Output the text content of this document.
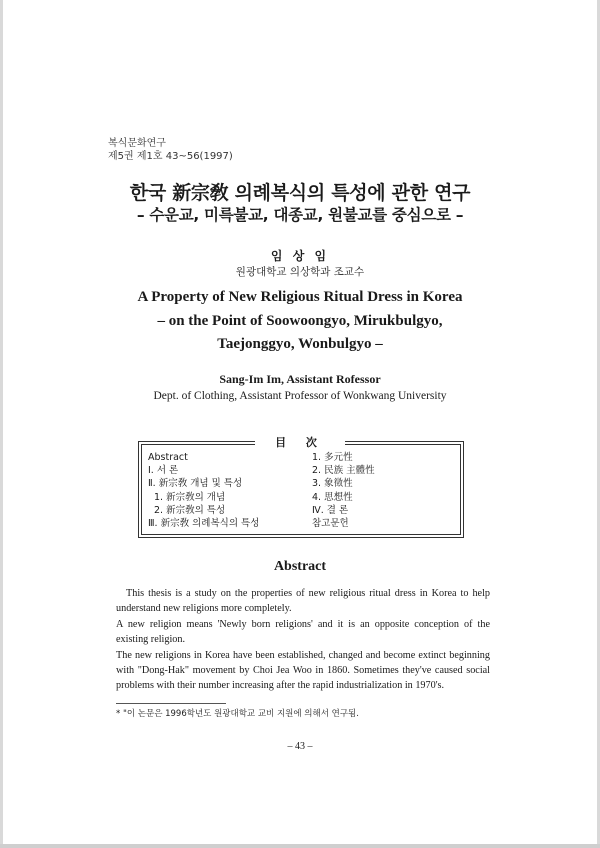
복식문화연구
제5권 제1호 43~56(1997)
한국 新宗敎 의례복식의 특성에 관한 연구
– 수운교, 미륵불교, 대종교, 원불교를 중심으로 –
임 상 임
원광대학교 의상학과 조교수
A Property of New Religious Ritual Dress in Korea
– on the Point of Soowoongyo, Mirukbulgyo,
Taejonggyo, Wonbulgyo –
Sang-Im Im, Assistant Rofessor
Dept. of Clothing, Assistant Professor of Wonkwang University
目 次
Abstract
Ⅰ. 서 론
Ⅱ. 新宗敎 개념 및 특성
1. 新宗敎의 개념
2. 新宗敎의 특성
Ⅲ. 新宗敎 의례복식의 특성
1. 多元性
2. 民族 主體性
3. 象徵性
4. 思想性
Ⅳ. 결 론
참고문헌
Abstract

This thesis is a study on the properties of new religious ritual dress in Korea to help understand new religions more completely.

A new religion means 'Newly born religions' and it is an opposite conception of the existing religion.

The new religions in Korea have been established, changed and become extinct beginning with "Dong-Hak" movement by Choi Jea Woo in 1860. Sometimes they've caused social problems with their number increasing after the rapid industrialization in 1970's.

* "이 논문은 1996학년도 원광대학교 교비 지원에 의해서 연구됨.
– 43 –
